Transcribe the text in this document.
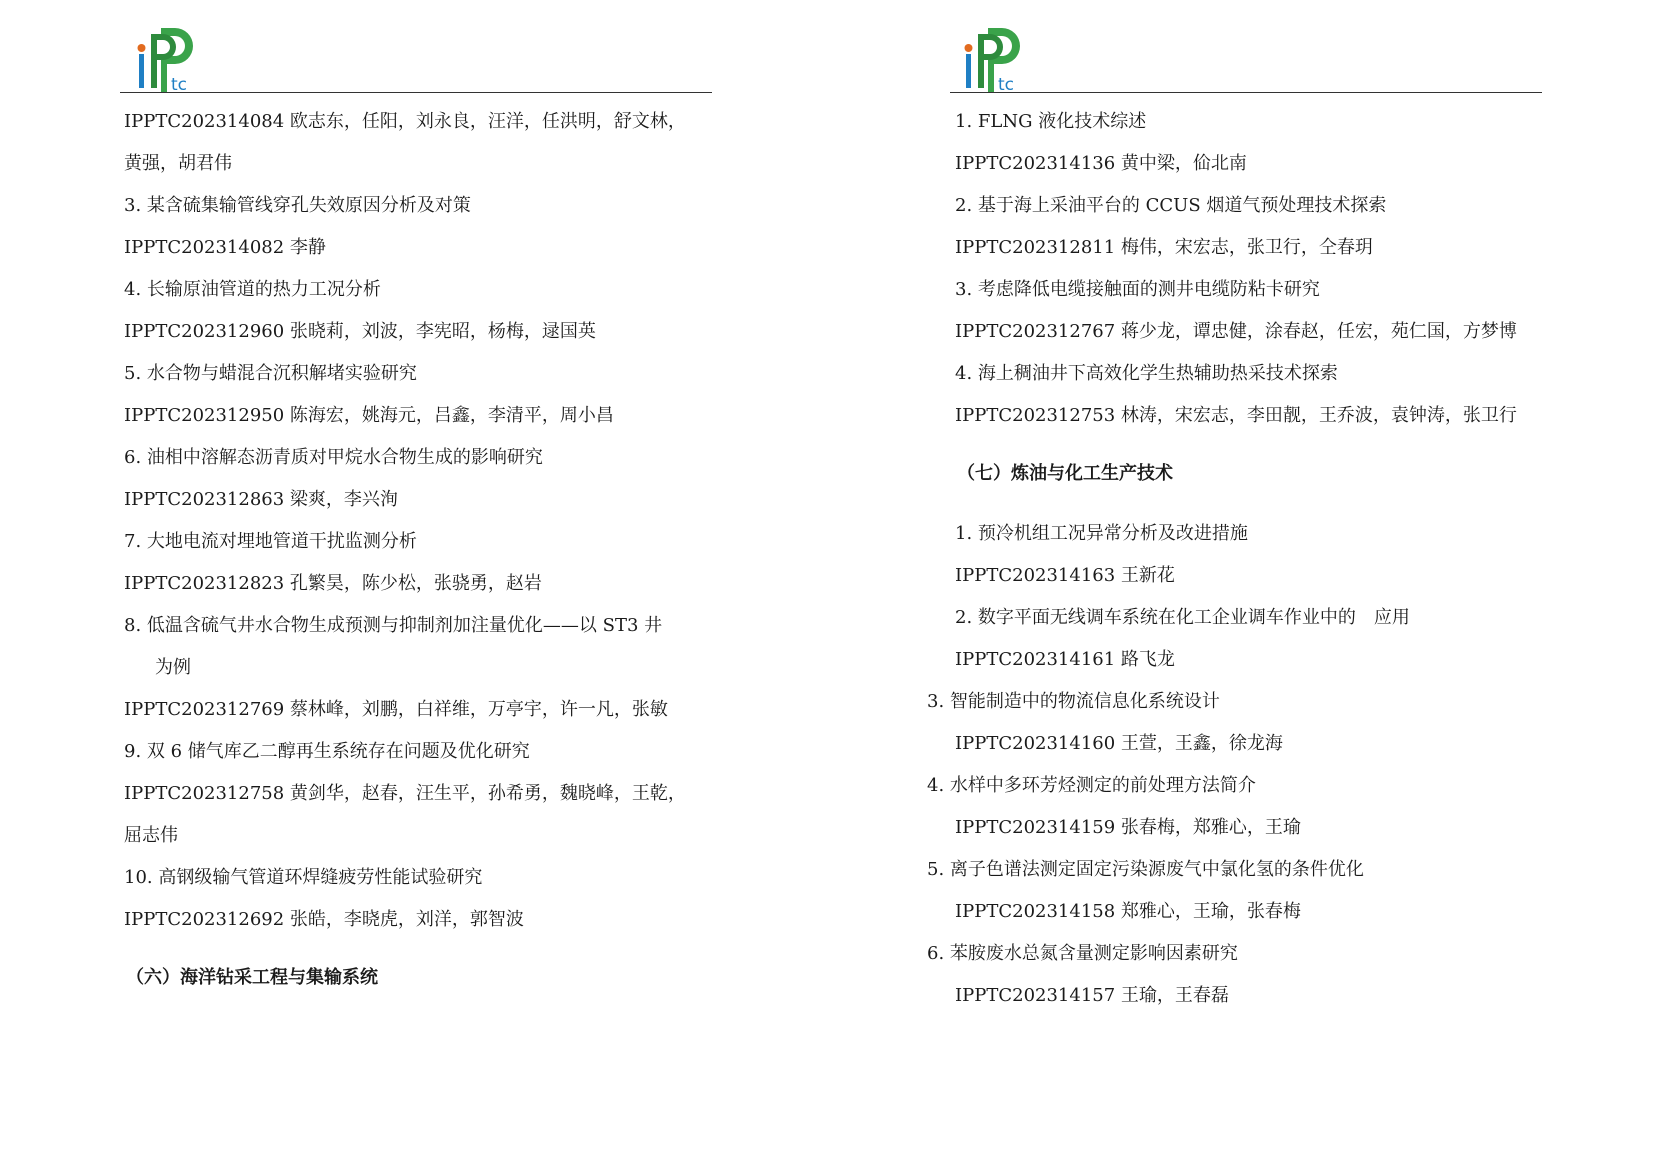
tc
IPPTC202314084 欧志东，任阳，刘永良，汪洋，任洪明，舒文林，
黄强，胡君伟
3. 某含硫集输管线穿孔失效原因分析及对策
IPPTC202314082 李静
4. 长输原油管道的热力工况分析
IPPTC202312960 张晓莉，刘波，李宪昭，杨梅，逯国英
5. 水合物与蜡混合沉积解堵实验研究
IPPTC202312950 陈海宏，姚海元，吕鑫，李清平，周小昌
6. 油相中溶解态沥青质对甲烷水合物生成的影响研究
IPPTC202312863 梁爽，李兴洵
7. 大地电流对埋地管道干扰监测分析
IPPTC202312823 孔繁昊，陈少松，张骁勇，赵岩
8. 低温含硫气井水合物生成预测与抑制剂加注量优化——以 ST3 井
为例
IPPTC202312769 蔡林峰，刘鹏，白祥维，万亭宇，许一凡，张敏
9. 双 6 储气库乙二醇再生系统存在问题及优化研究
IPPTC202312758 黄剑华，赵春，汪生平，孙希勇，魏晓峰，王乾，
屈志伟
10. 高钢级输气管道环焊缝疲劳性能试验研究
IPPTC202312692 张皓，李晓虎，刘洋，郭智波
（六）海洋钻采工程与集输系统
tc
1. FLNG 液化技术综述
IPPTC202314136 黄中梁，佡北南
2. 基于海上采油平台的 CCUS 烟道气预处理技术探索
IPPTC202312811 梅伟，宋宏志，张卫行，仝春玥
3. 考虑降低电缆接触面的测井电缆防粘卡研究
IPPTC202312767 蒋少龙，谭忠健，涂春赵，任宏，苑仁国，方梦博
4. 海上稠油井下高效化学生热辅助热采技术探索
IPPTC202312753 林涛，宋宏志，李田靓，王乔波，袁钟涛，张卫行
（七）炼油与化工生产技术
1. 预冷机组工况异常分析及改进措施
IPPTC202314163 王新花
2. 数字平面无线调车系统在化工企业调车作业中的　应用
IPPTC202314161 路飞龙
3. 智能制造中的物流信息化系统设计
IPPTC202314160 王萱，王鑫，徐龙海
4. 水样中多环芳烃测定的前处理方法简介
IPPTC202314159 张春梅，郑雅心，王瑜
5. 离子色谱法测定固定污染源废气中氯化氢的条件优化
IPPTC202314158 郑雅心，王瑜，张春梅
6. 苯胺废水总氮含量测定影响因素研究
IPPTC202314157 王瑜，王春磊
